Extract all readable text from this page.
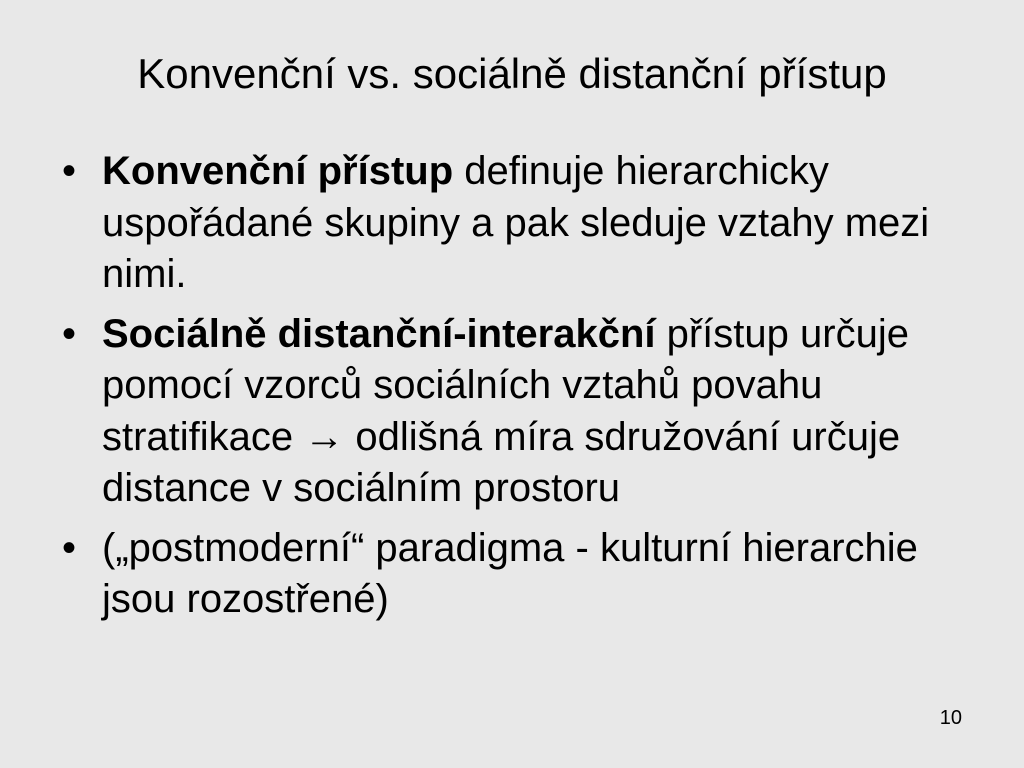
Konvenční vs. sociálně distanční přístup
• Konvenční přístup definuje hierarchicky uspořádané skupiny a pak sleduje vztahy mezi nimi.
• Sociálně distanční-interakční přístup určuje pomocí vzorců sociálních vztahů povahu stratifikace → odlišná míra sdružování určuje distance v sociálním prostoru
• („postmoderní“ paradigma - kulturní hierarchie jsou rozostřené)
10
